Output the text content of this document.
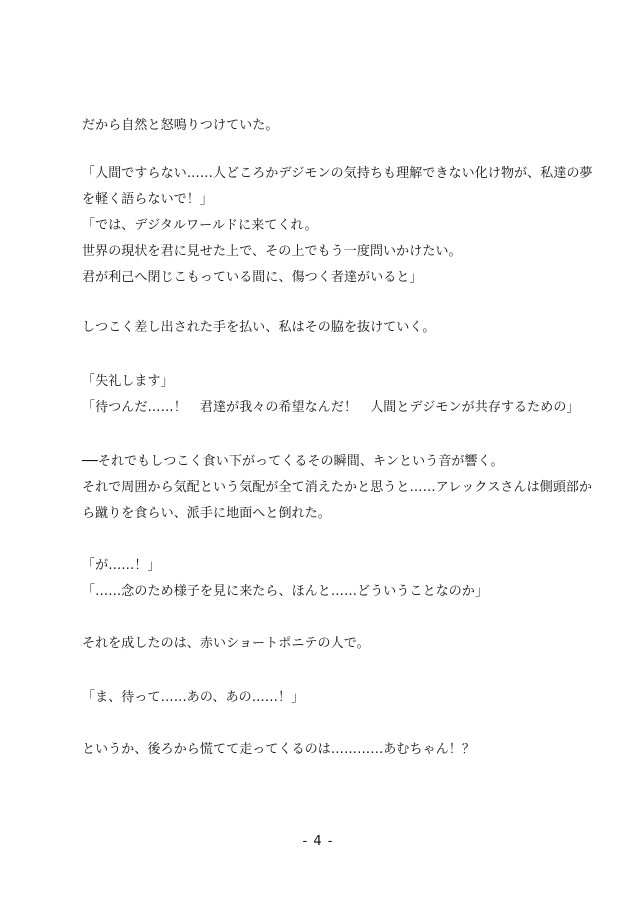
だから自然と怒鳴りつけていた。
「人間ですらない……人どころかデジモンの気持ちも理解できない化け物が、私達の夢
を軽く語らないで！」
「では、デジタルワールドに来てくれ。
世界の現状を君に見せた上で、その上でもう一度問いかけたい。
君が利己へ閉じこもっている間に、傷つく者達がいると」
しつこく差し出された手を払い、私はその脇を抜けていく。
「失礼します」
「待つんだ……！　君達が我々の希望なんだ！　人間とデジモンが共存するための」
──それでもしつこく食い下がってくるその瞬間、キンという音が響く。
それで周囲から気配という気配が全て消えたかと思うと……アレックスさんは側頭部か
ら蹴りを食らい、派手に地面へと倒れた。
「が……！」
「……念のため様子を見に来たら、ほんと……どういうことなのか」
それを成したのは、赤いショートポニテの人で。
「ま、待って……あの、あの……！」
というか、後ろから慌てて走ってくるのは…………あむちゃん！？
- 4 -
